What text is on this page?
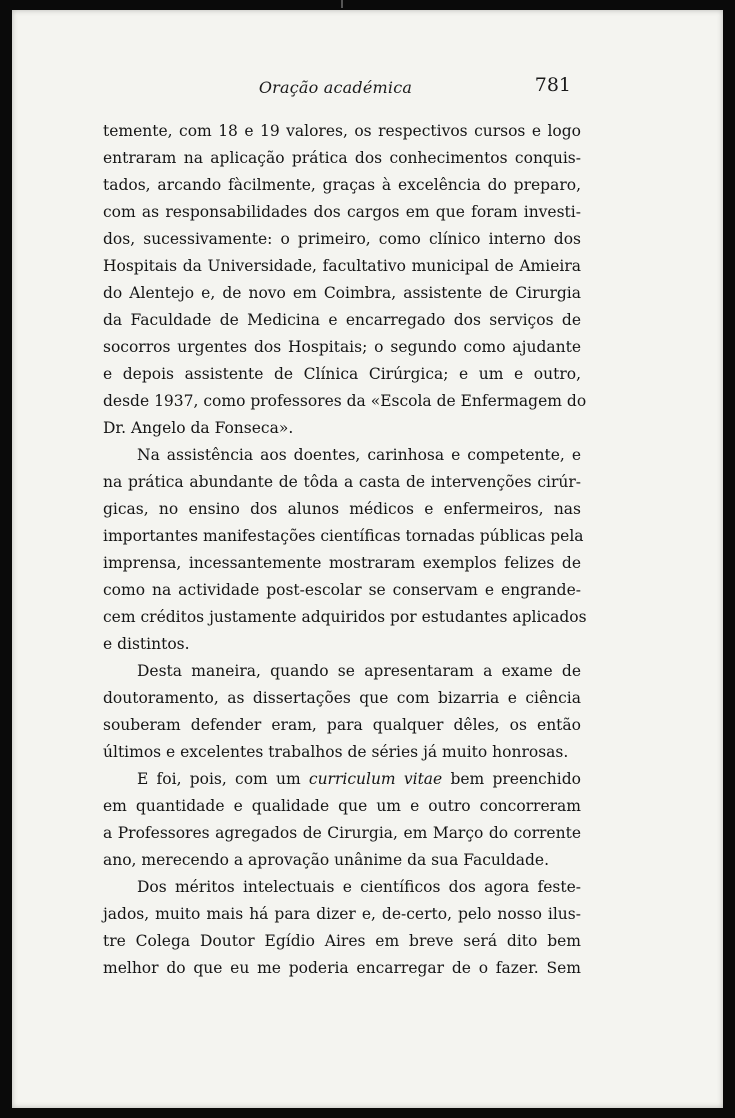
Oração académica	781
temente, com 18 e 19 valores, os respectivos cursos e logo
entraram na aplicação prática dos conhecimentos conquis-
tados, arcando fàcilmente, graças à excelência do preparo,
com as responsabilidades dos cargos em que foram investi-
dos, sucessivamente: o primeiro, como clínico interno dos
Hospitais da Universidade, facultativo municipal de Amieira
do Alentejo e, de novo em Coimbra, assistente de Cirurgia
da Faculdade de Medicina e encarregado dos serviços de
socorros urgentes dos Hospitais; o segundo como ajudante
e depois assistente de Clínica Cirúrgica; e um e outro,
desde 1937, como professores da «Escola de Enfermagem do
Dr. Angelo da Fonseca».
Na assistência aos doentes, carinhosa e competente, e
na prática abundante de tôda a casta de intervenções cirúr-
gicas, no ensino dos alunos médicos e enfermeiros, nas
importantes manifestações científicas tornadas públicas pela
imprensa, incessantemente mostraram exemplos felizes de
como na actividade post-escolar se conservam e engrande-
cem créditos justamente adquiridos por estudantes aplicados
e distintos.
Desta maneira, quando se apresentaram a exame de
doutoramento, as dissertações que com bizarria e ciência
souberam defender eram, para qualquer dêles, os então
últimos e excelentes trabalhos de séries já muito honrosas.
E foi, pois, com um curriculum vitae bem preenchido
em quantidade e qualidade que um e outro concorreram
a Professores agregados de Cirurgia, em Março do corrente
ano, merecendo a aprovação unânime da sua Faculdade.
Dos méritos intelectuais e científicos dos agora feste-
jados, muito mais há para dizer e, de-certo, pelo nosso ilus-
tre Colega Doutor Egídio Aires em breve será dito bem
melhor do que eu me poderia encarregar de o fazer. Sem
